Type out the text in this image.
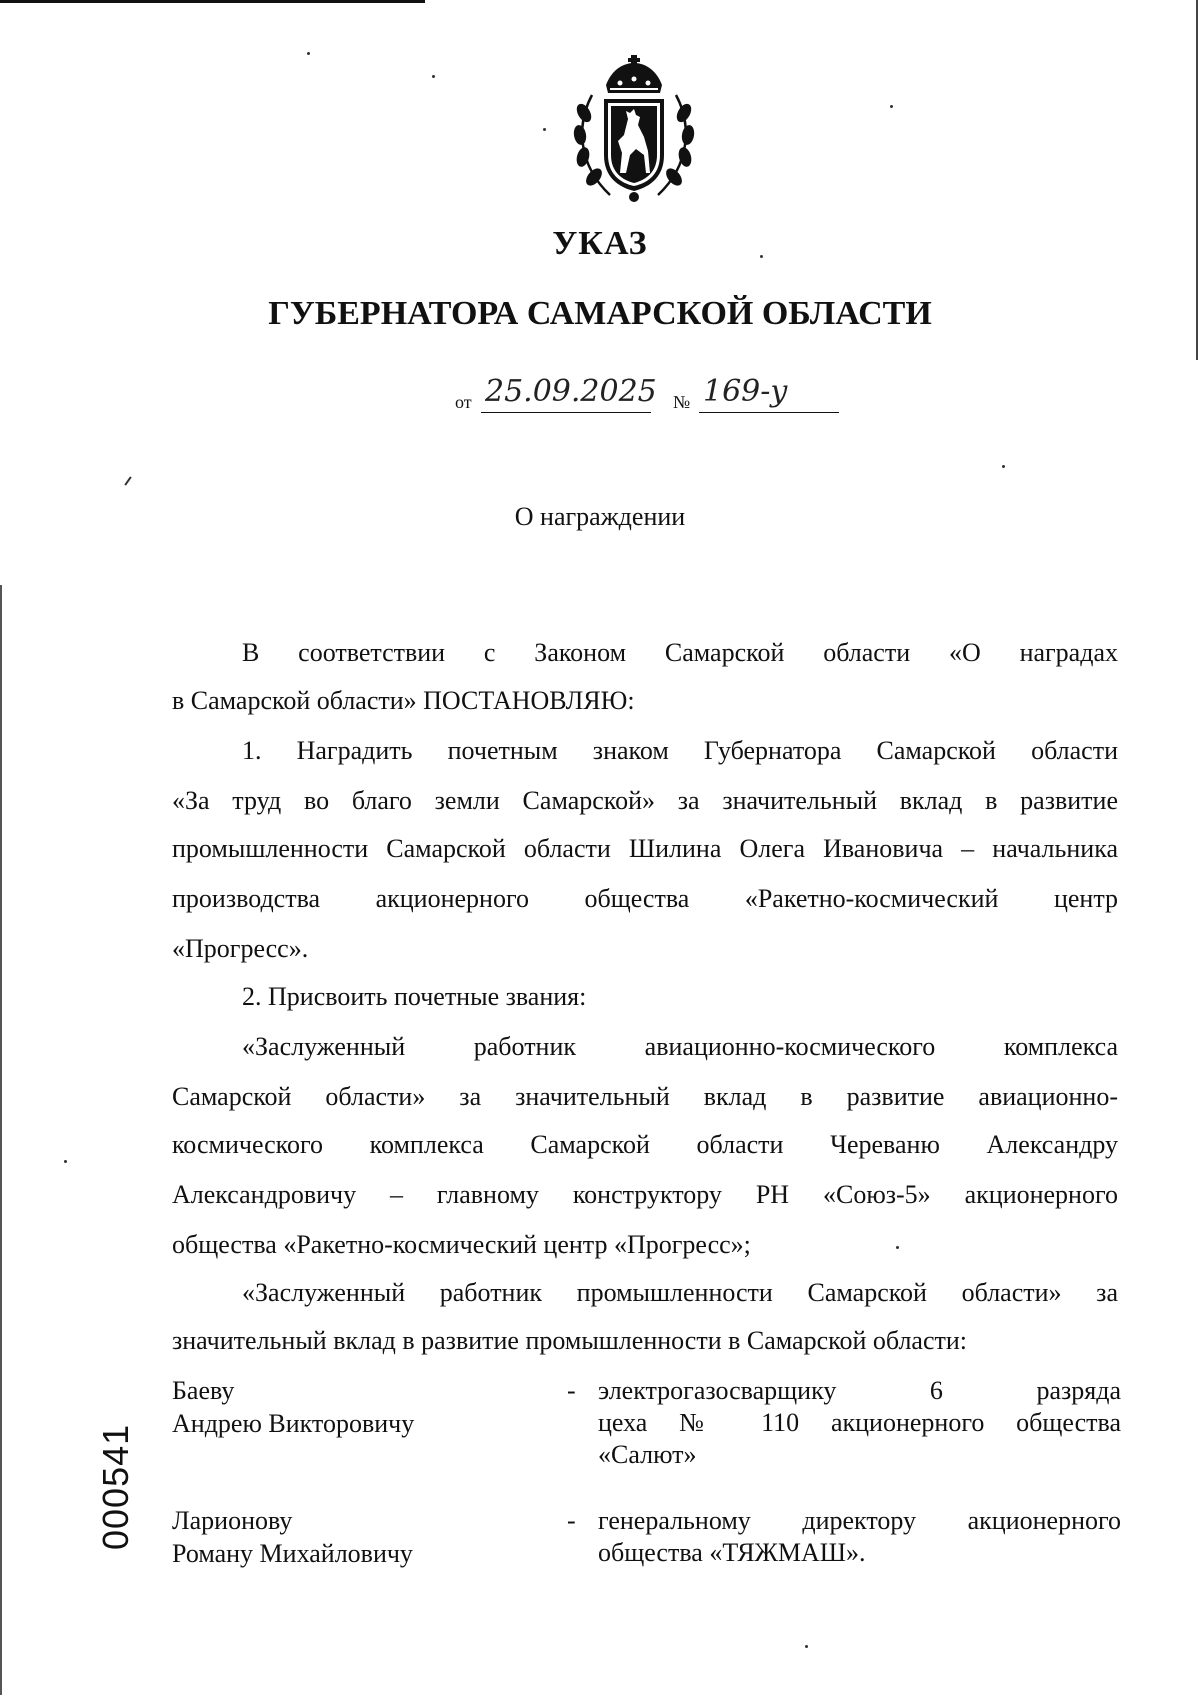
УКАЗ
ГУБЕРНАТОРА САМАРСКОЙ ОБЛАСТИ
от 25.09.2025 № 169-у
О награждении
В соответствии с Законом Самарской области «О наградах
в Самарской области» ПОСТАНОВЛЯЮ:
1. Наградить почетным знаком Губернатора Самарской области
«За труд во благо земли Самарской» за значительный вклад в развитие
промышленности Самарской области Шилина Олега Ивановича – начальника
производства акционерного общества «Ракетно-космический центр
«Прогресс».
2. Присвоить почетные звания:
«Заслуженный работник авиационно-космического комплекса
Самарской области» за значительный вклад в развитие авиационно-
космического комплекса Самарской области Череваню Александру
Александровичу – главному конструктору РН «Союз-5» акционерного
общества «Ракетно-космический центр «Прогресс»;
«Заслуженный работник промышленности Самарской области» за
значительный вклад в развитие промышленности в Самарской области:
Баеву
Андрею Викторовичу
- электрогазосварщику 6 разряда
цеха № 110 акционерного общества
«Салют»
Ларионову
Роману Михайловичу
- генеральному директору акционерного
общества «ТЯЖМАШ».
000541
